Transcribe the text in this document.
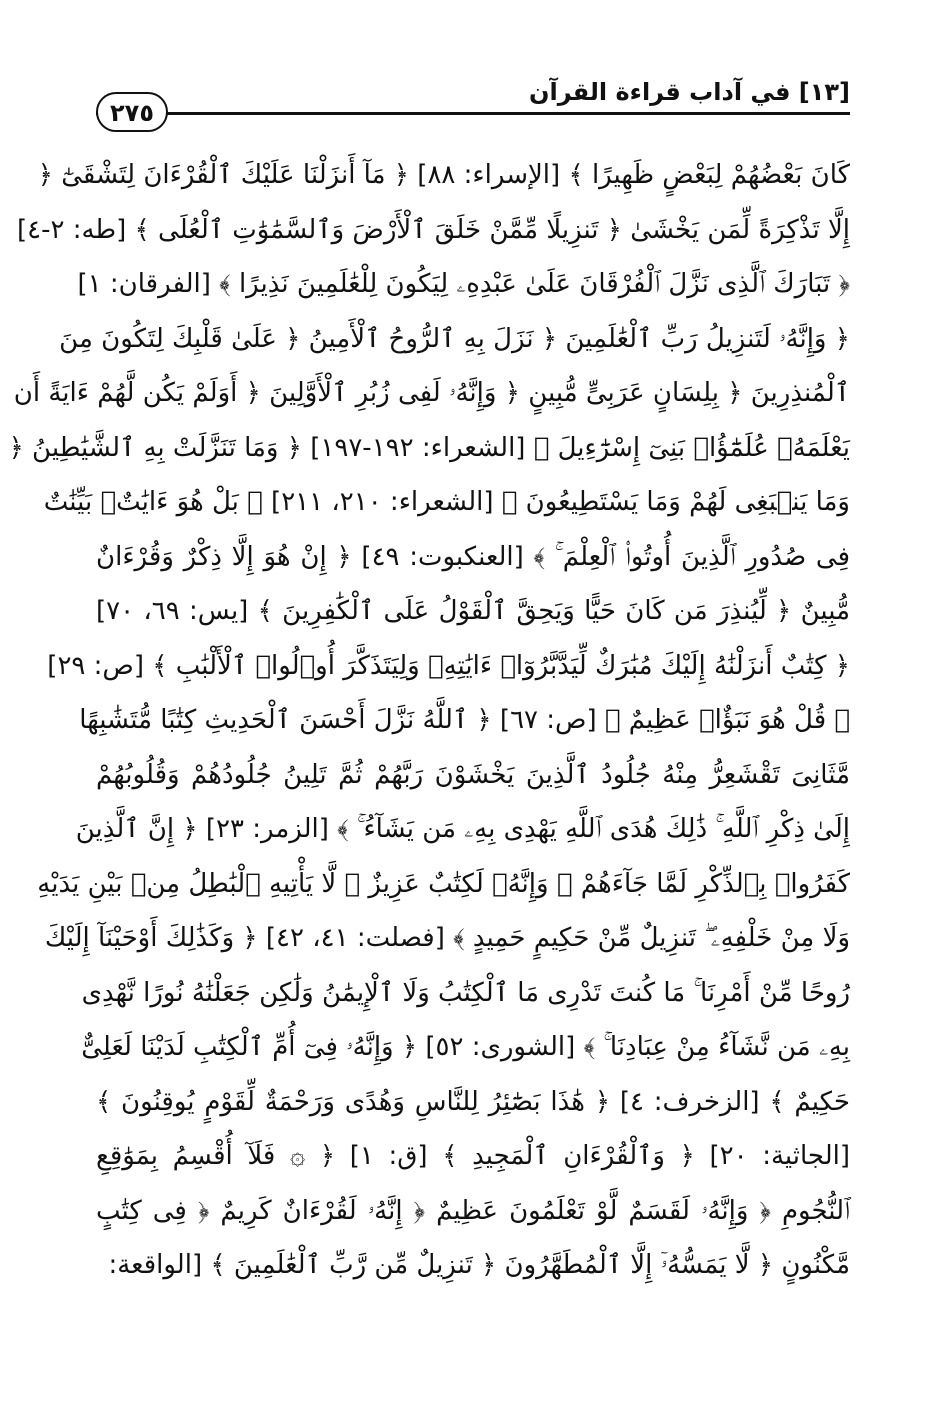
[١٣] في آداب قراءة القرآن
٢٧٥
كَانَ بَعْضُهُمْ لِبَعْضٍ ظَهِيرًا ﴾ [الإسراء: ٨٨] ﴿ مَآ أَنزَلْنَا عَلَيْكَ ٱلْقُرْءَانَ لِتَشْقَىٰٓ ﴿
إِلَّا تَذْكِرَةً لِّمَن يَخْشَىٰ ﴿ تَنزِيلًا مِّمَّنْ خَلَقَ ٱلْأَرْضَ وَٱلسَّمَٰوَٰتِ ٱلْعُلَى ﴾ [طه: ٢-٤]
﴿ تَبَارَكَ ٱلَّذِى نَزَّلَ ٱلْفُرْقَانَ عَلَىٰ عَبْدِهِۦ لِيَكُونَ لِلْعَٰلَمِينَ نَذِيرًا ﴾ [الفرقان: ١]
﴿ وَإِنَّهُۥ لَتَنزِيلُ رَبِّ ٱلْعَٰلَمِينَ ﴿ نَزَلَ بِهِ ٱلرُّوحُ ٱلْأَمِينُ ﴿ عَلَىٰ قَلْبِكَ لِتَكُونَ مِنَ
ٱلْمُنذِرِينَ ﴿ بِلِسَانٍ عَرَبِىٍّ مُّبِينٍ ﴿ وَإِنَّهُۥ لَفِى زُبُرِ ٱلْأَوَّلِينَ ﴿ أَوَلَمْ يَكُن لَّهُمْ ءَايَةً أَن
يَعْلَمَهُۥ عُلَمَٰٓؤُا۟ بَنِىٓ إِسْرَٰٓءِيلَ ﴾ [الشعراء: ١٩٢-١٩٧] ﴿ وَمَا تَنَزَّلَتْ بِهِ ٱلشَّيَٰطِينُ ﴿
وَمَا يَنۢبَغِى لَهُمْ وَمَا يَسْتَطِيعُونَ ﴾ [الشعراء: ٢١٠، ٢١١] ﴿ بَلْ هُوَ ءَايَٰتٌۢ بَيِّنَٰتٌ
فِى صُدُورِ ٱلَّذِينَ أُوتُوا۟ ٱلْعِلْمَ ۚ ﴾ [العنكبوت: ٤٩] ﴿ إِنْ هُوَ إِلَّا ذِكْرٌ وَقُرْءَانٌ
مُّبِينٌ ﴿ لِّيُنذِرَ مَن كَانَ حَيًّا وَيَحِقَّ ٱلْقَوْلُ عَلَى ٱلْكَٰفِرِينَ ﴾ [يس: ٦٩، ٧٠]
﴿ كِتَٰبٌ أَنزَلْنَٰهُ إِلَيْكَ مُبَٰرَكٌ لِّيَدَّبَّرُوٓا۟ ءَايَٰتِهِۦ وَلِيَتَذَكَّرَ أُو۟لُوا۟ ٱلْأَلْبَٰبِ ﴾ [ص: ٢٩]
﴿ قُلْ هُوَ نَبَؤٌا۟ عَظِيمٌ ﴾ [ص: ٦٧] ﴿ ٱللَّهُ نَزَّلَ أَحْسَنَ ٱلْحَدِيثِ كِتَٰبًا مُّتَشَٰبِهًا
مَّثَانِىَ تَقْشَعِرُّ مِنْهُ جُلُودُ ٱلَّذِينَ يَخْشَوْنَ رَبَّهُمْ ثُمَّ تَلِينُ جُلُودُهُمْ وَقُلُوبُهُمْ
إِلَىٰ ذِكْرِ ٱللَّهِ ۚ ذَٰلِكَ هُدَى ٱللَّهِ يَهْدِى بِهِۦ مَن يَشَآءُ ۚ ﴾ [الزمر: ٢٣] ﴿ إِنَّ ٱلَّذِينَ
كَفَرُوا۟ بِٱلذِّكْرِ لَمَّا جَآءَهُمْ ۖ وَإِنَّهُۥ لَكِتَٰبٌ عَزِيزٌ ﴿ لَّا يَأْتِيهِ ٱلْبَٰطِلُ مِنۢ بَيْنِ يَدَيْهِ
وَلَا مِنْ خَلْفِهِۦ ۖ تَنزِيلٌ مِّنْ حَكِيمٍ حَمِيدٍ ﴾ [فصلت: ٤١، ٤٢] ﴿ وَكَذَٰلِكَ أَوْحَيْنَآ إِلَيْكَ
رُوحًا مِّنْ أَمْرِنَا ۚ مَا كُنتَ تَدْرِى مَا ٱلْكِتَٰبُ وَلَا ٱلْإِيمَٰنُ وَلَٰكِن جَعَلْنَٰهُ نُورًا نَّهْدِى
بِهِۦ مَن نَّشَآءُ مِنْ عِبَادِنَا ۚ ﴾ [الشورى: ٥٢] ﴿ وَإِنَّهُۥ فِىٓ أُمِّ ٱلْكِتَٰبِ لَدَيْنَا لَعَلِىٌّ
حَكِيمٌ ﴾ [الزخرف: ٤] ﴿ هَٰذَا بَصَٰٓئِرُ لِلنَّاسِ وَهُدًى وَرَحْمَةٌ لِّقَوْمٍ يُوقِنُونَ ﴾
[الجاثية: ٢٠] ﴿ وَٱلْقُرْءَانِ ٱلْمَجِيدِ ﴾ [ق: ١] ﴿ ۞ فَلَآ أُقْسِمُ بِمَوَٰقِعِ
ٱلنُّجُومِ ﴿ وَإِنَّهُۥ لَقَسَمٌ لَّوْ تَعْلَمُونَ عَظِيمٌ ﴿ إِنَّهُۥ لَقُرْءَانٌ كَرِيمٌ ﴿ فِى كِتَٰبٍ
مَّكْنُونٍ ﴿ لَّا يَمَسُّهُۥٓ إِلَّا ٱلْمُطَهَّرُونَ ﴿ تَنزِيلٌ مِّن رَّبِّ ٱلْعَٰلَمِينَ ﴾ [الواقعة:
